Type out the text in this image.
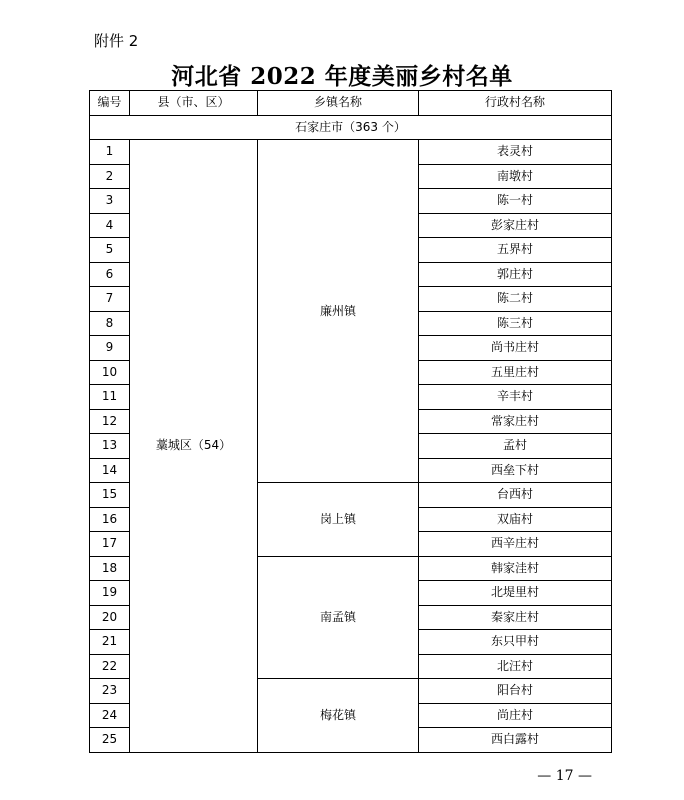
附件 2
河北省 2022 年度美丽乡村名单
编号	县（市、区）	乡镇名称	行政村名称
石家庄市（363 个）			
1	藁城区（54）	廉州镇	表灵村
2			南墩村
3			陈一村
4			彭家庄村
5			五界村
6			郭庄村
7			陈二村
8			陈三村
9			尚书庄村
10			五里庄村
11			辛丰村
12			常家庄村
13			孟村
14			西垒下村
15		岗上镇	台西村
16			双庙村
17			西辛庄村
18		南孟镇	韩家洼村
19			北堤里村
20			秦家庄村
21			东只甲村
22			北汪村
23		梅花镇	阳台村
24			尚庄村
25			西白露村
— 17 —
